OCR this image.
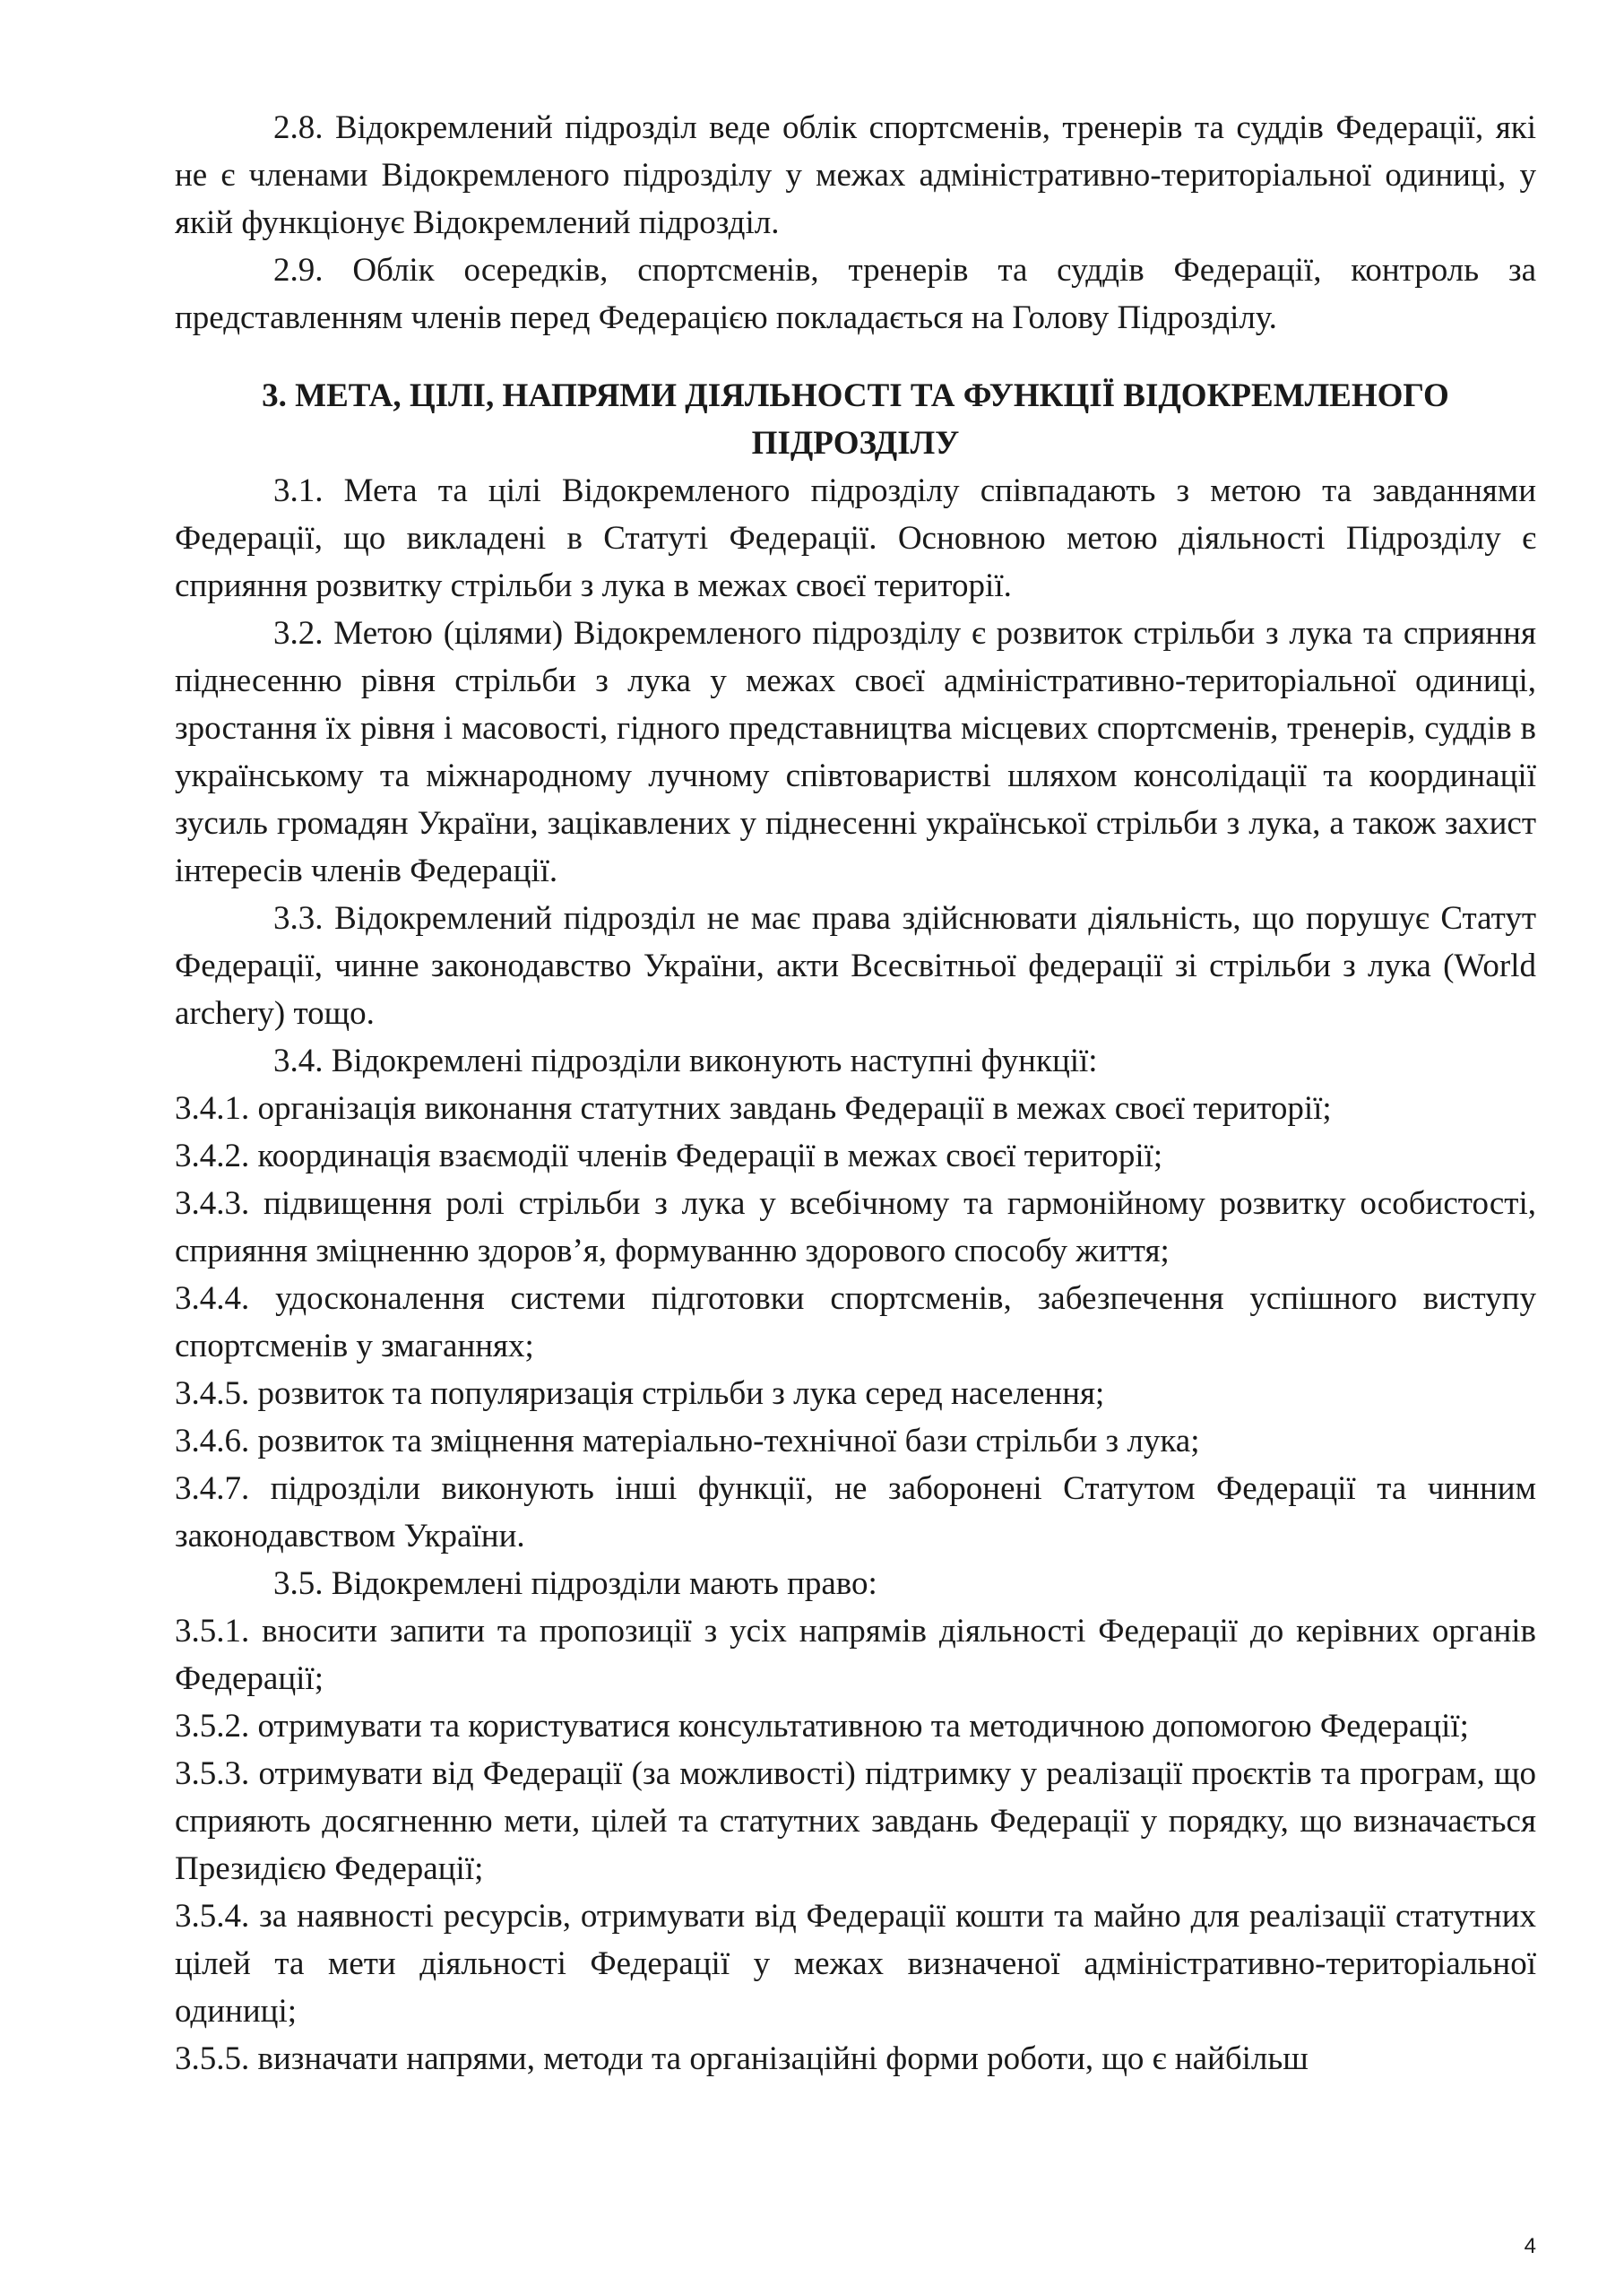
2.8. Відокремлений підрозділ веде облік спортсменів, тренерів та суддів Федерації, які не є членами Відокремленого підрозділу у межах адміністративно-територіальної одиниці, у якій функціонує Відокремлений підрозділ.

2.9. Облік осередків, спортсменів, тренерів та суддів Федерації, контроль за представленням членів перед Федерацією покладається на Голову Підрозділу.

3. МЕТА, ЦІЛІ, НАПРЯМИ ДІЯЛЬНОСТІ ТА ФУНКЦІЇ ВІДОКРЕМЛЕНОГО
ПІДРОЗДІЛУ

3.1. Мета та цілі Відокремленого підрозділу співпадають з метою та завданнями Федерації, що викладені в Статуті Федерації. Основною метою діяльності Підрозділу є сприяння розвитку стрільби з лука в межах своєї території.

3.2. Метою (цілями) Відокремленого підрозділу є розвиток стрільби з лука та сприяння піднесенню рівня стрільби з лука у межах своєї адміністративно-територіальної одиниці, зростання їх рівня і масовості, гідного представництва місцевих спортсменів, тренерів, суддів в українському та міжнародному лучному співтоваристві шляхом консолідації та координації зусиль громадян України, зацікавлених у піднесенні української стрільби з лука, а також захист інтересів членів Федерації.

3.3. Відокремлений підрозділ не має права здійснювати діяльність, що порушує Статут Федерації, чинне законодавство України, акти Всесвітньої федерації зі стрільби з лука (World archery) тощо.

3.4. Відокремлені підрозділи виконують наступні функції:

3.4.1. організація виконання статутних завдань Федерації в межах своєї території;

3.4.2. координація взаємодії членів Федерації в межах своєї території;

3.4.3. підвищення ролі стрільби з лука у всебічному та гармонійному розвитку особистості, сприяння зміцненню здоров’я, формуванню здорового способу життя;

3.4.4. удосконалення системи підготовки спортсменів, забезпечення успішного виступу спортсменів у змаганнях;

3.4.5. розвиток та популяризація стрільби з лука серед населення;

3.4.6. розвиток та зміцнення матеріально-технічної бази стрільби з лука;

3.4.7. підрозділи виконують інші функції, не заборонені Статутом Федерації та чинним законодавством України.

3.5. Відокремлені підрозділи мають право:

3.5.1. вносити запити та пропозиції з усіх напрямів діяльності Федерації до керівних органів Федерації;

3.5.2. отримувати та користуватися консультативною та методичною допомогою Федерації;

3.5.3. отримувати від Федерації (за можливості) підтримку у реалізації проєктів та програм, що сприяють досягненню мети, цілей та статутних завдань Федерації у порядку, що визначається Президією Федерації;

3.5.4. за наявності ресурсів, отримувати від Федерації кошти та майно для реалізації статутних цілей та мети діяльності Федерації у межах визначеної адміністративно-територіальної одиниці;

3.5.5. визначати напрями, методи та організаційні форми роботи, що є найбільш

4
